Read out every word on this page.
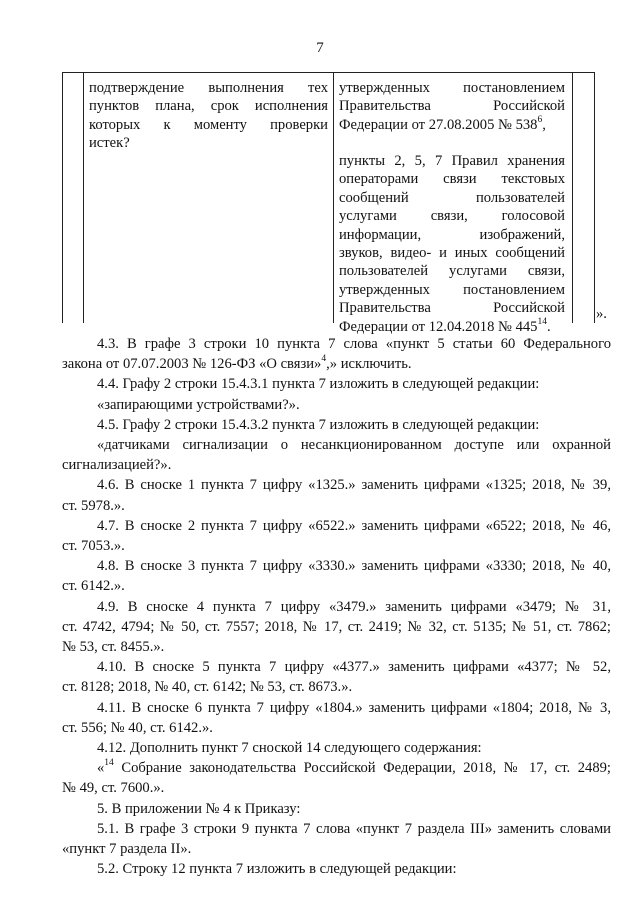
7
подтверждение выполнения тех
пунктов плана, срок исполнения
которых к моменту проверки
истек?
утвержденных постановлением
Правительства Российской
Федерации от 27.08.2005 № $538^6$,
пункты 2, 5, 7 Правил хранения
операторами связи текстовых
сообщений пользователей
услугами связи, голосовой
информации, изображений,
звуков, видео- и иных сообщений
пользователей услугами связи,
утвержденных постановлением
Правительства Российской
Федерации от 12.04.2018 № $445^{14}$.
».
4.3. В графе 3 строки 10 пункта 7 слова «пункт 5 статьи 60 Федерального
закона от 07.07.2003 № 126-ФЗ «О связи»$^4$,» исключить.
4.4. Графу 2 строки 15.4.3.1 пункта 7 изложить в следующей редакции:
«запирающими устройствами?».
4.5. Графу 2 строки 15.4.3.2 пункта 7 изложить в следующей редакции:
«датчиками сигнализации о несанкционированном доступе или охранной
сигнализацией?».
4.6. В сноске 1 пункта 7 цифру «1325.» заменить цифрами «1325; 2018, № 39,
ст. 5978.».
4.7. В сноске 2 пункта 7 цифру «6522.» заменить цифрами «6522; 2018, № 46,
ст. 7053.».
4.8. В сноске 3 пункта 7 цифру «3330.» заменить цифрами «3330; 2018, № 40,
ст. 6142.».
4.9. В сноске 4 пункта 7 цифру «3479.» заменить цифрами «3479; № 31,
ст. 4742, 4794; № 50, ст. 7557; 2018, № 17, ст. 2419; № 32, ст. 5135; № 51, ст. 7862;
№ 53, ст. 8455.».
4.10. В сноске 5 пункта 7 цифру «4377.» заменить цифрами «4377; № 52,
ст. 8128; 2018, № 40, ст. 6142; № 53, ст. 8673.».
4.11. В сноске 6 пункта 7 цифру «1804.» заменить цифрами «1804; 2018, № 3,
ст. 556; № 40, ст. 6142.».
4.12. Дополнить пункт 7 сноской 14 следующего содержания:
«$^{14}$ Собрание законодательства Российской Федерации, 2018, № 17, ст. 2489;
№ 49, ст. 7600.».
5. В приложении № 4 к Приказу:
5.1. В графе 3 строки 9 пункта 7 слова «пункт 7 раздела III» заменить словами
«пункт 7 раздела II».
5.2. Строку 12 пункта 7 изложить в следующей редакции:
